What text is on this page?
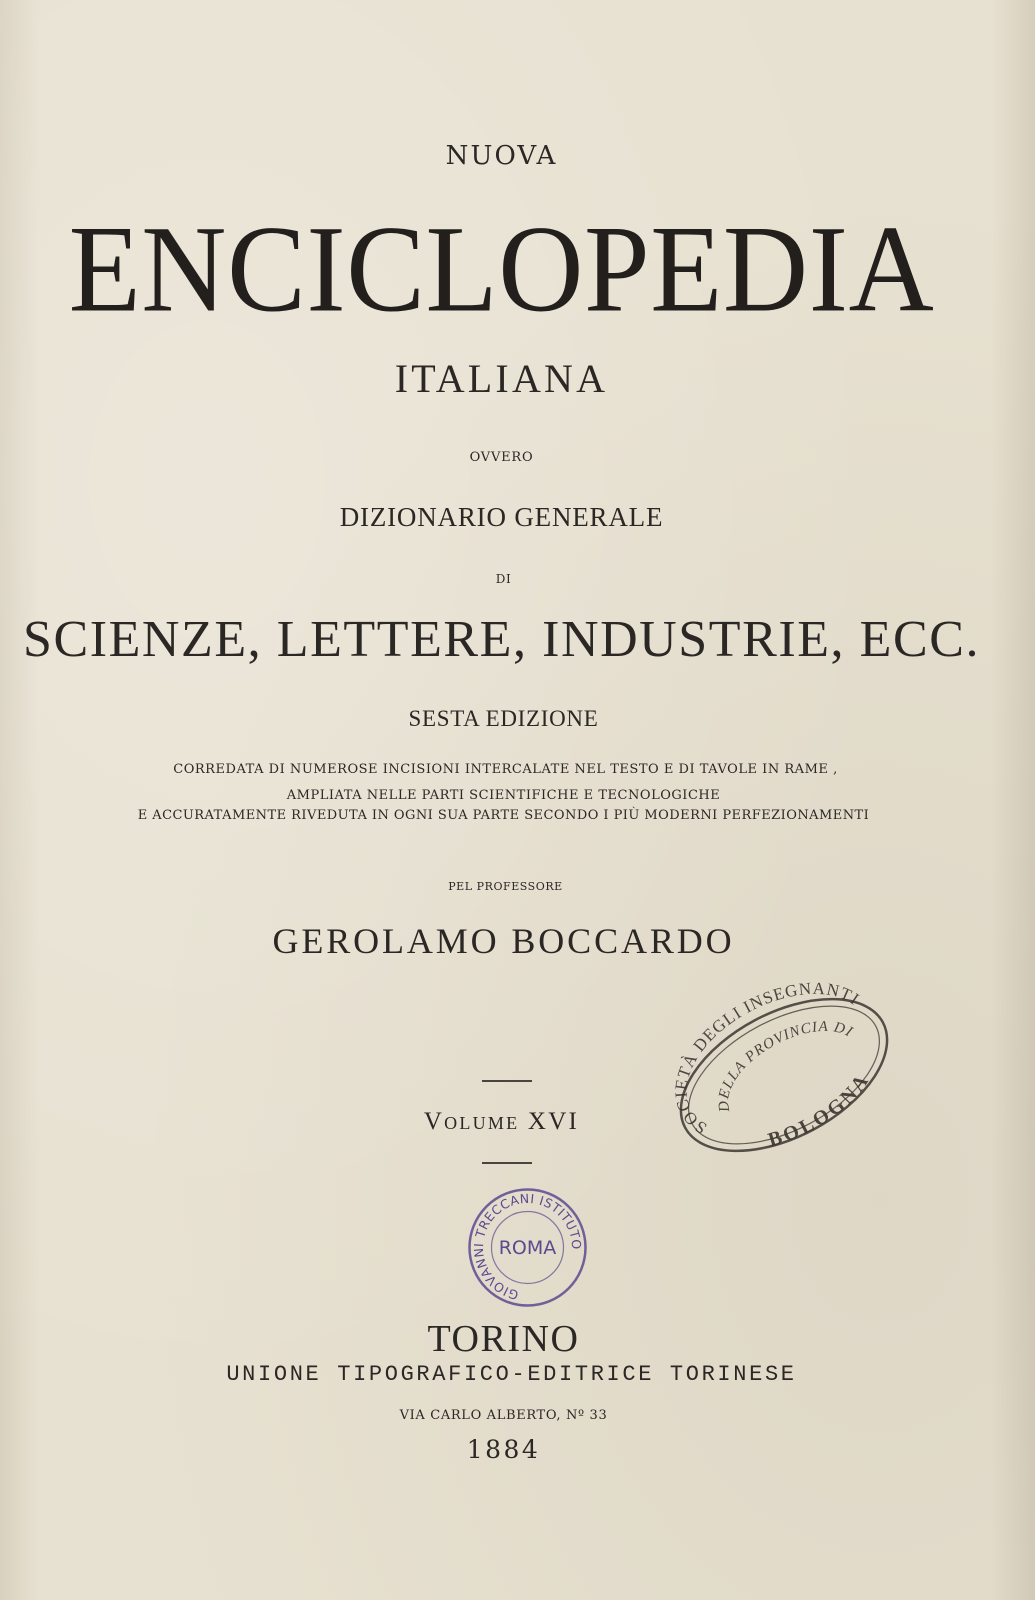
NUOVA
ENCICLOPEDIA
ITALIANA
OVVERO
DIZIONARIO GENERALE
DI
SCIENZE, LETTERE, INDUSTRIE, ECC.
SESTA EDIZIONE
CORREDATA DI NUMEROSE INCISIONI INTERCALATE NEL TESTO E DI TAVOLE IN RAME ,
AMPLIATA NELLE PARTI SCIENTIFICHE E TECNOLOGICHE
E ACCURATAMENTE RIVEDUTA IN OGNI SUA PARTE SECONDO I PIÙ MODERNI PERFEZIONAMENTI
PEL PROFESSORE
GEROLAMO BOCCARDO
Volume XVI	SOCIETÀ DEGLI INSEGNANTI
DELLA PROVINCIA DI
BOLOGNA
GIOVANNI TRECCANI ISTITUTO
ROMA
TORINO
UNIONE TIPOGRAFICO-EDITRICE TORINESE
VIA CARLO ALBERTO, Nº 33
1884
